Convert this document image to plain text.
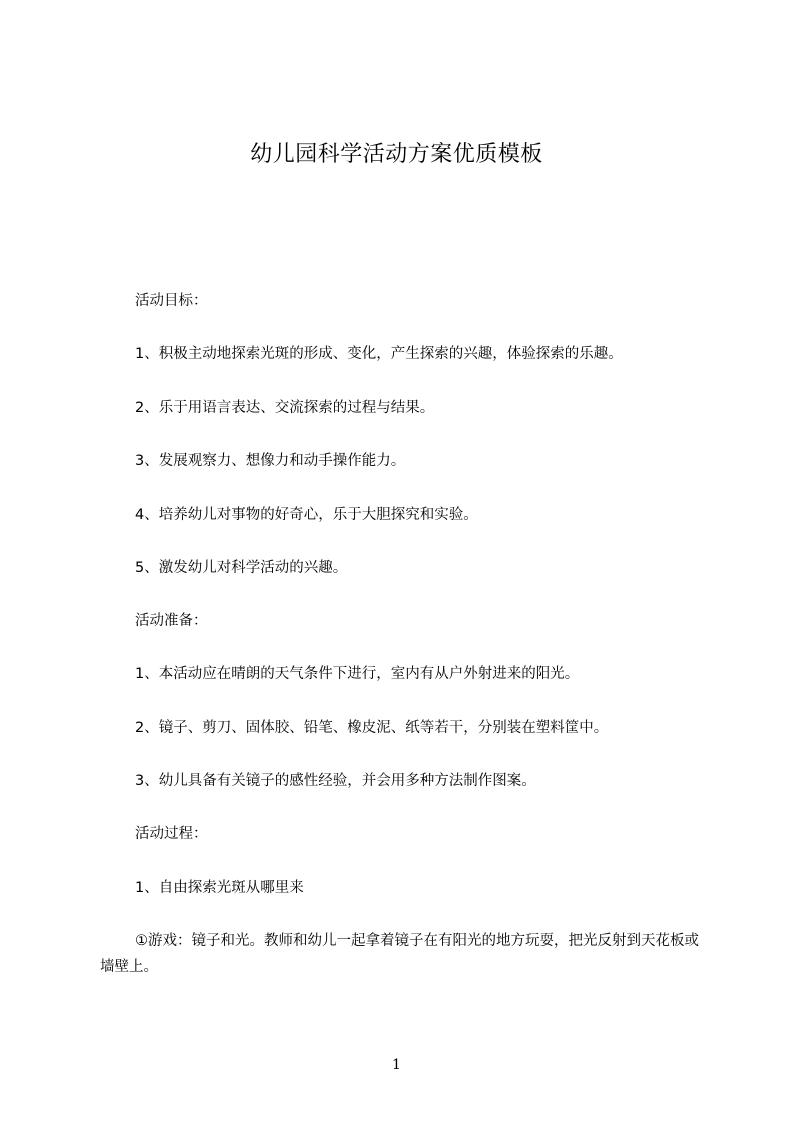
幼儿园科学活动方案优质模板
活动目标：
1、积极主动地探索光斑的形成、变化，产生探索的兴趣，体验探索的乐趣。
2、乐于用语言表达、交流探索的过程与结果。
3、发展观察力、想像力和动手操作能力。
4、培养幼儿对事物的好奇心，乐于大胆探究和实验。
5、激发幼儿对科学活动的兴趣。
活动准备：
1、本活动应在晴朗的天气条件下进行，室内有从户外射进来的阳光。
2、镜子、剪刀、固体胶、铅笔、橡皮泥、纸等若干，分别装在塑料筐中。
3、幼儿具备有关镜子的感性经验，并会用多种方法制作图案。
活动过程：
1、自由探索光斑从哪里来
①游戏：镜子和光。教师和幼儿一起拿着镜子在有阳光的地方玩耍，把光反射到天花板或墙壁上。
1
